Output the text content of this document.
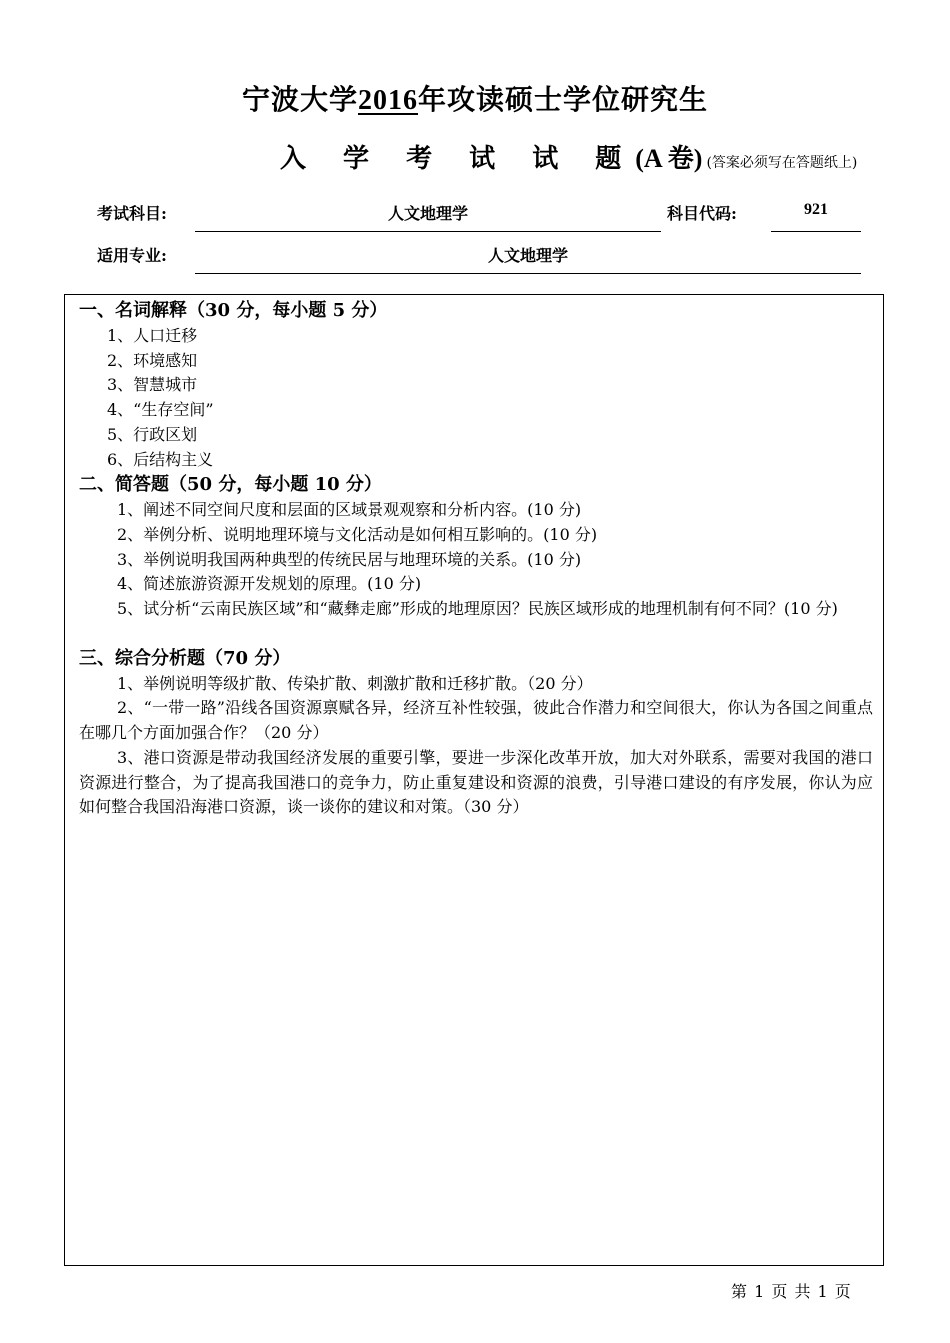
宁波大学2016年攻读硕士学位研究生
入 学 考 试 试 题(A 卷) (答案必须写在答题纸上)
考试科目:	人文地理学	科目代码:	921
适用专业:	人文地理学
一、名词解释（30 分，每小题 5 分）
1、人口迁移
2、环境感知
3、智慧城市
4、“生存空间”
5、行政区划
6、后结构主义
二、简答题（50 分，每小题 10 分）
1、阐述不同空间尺度和层面的区域景观观察和分析内容。(10 分)
2、举例分析、说明地理环境与文化活动是如何相互影响的。(10 分)
3、举例说明我国两种典型的传统民居与地理环境的关系。(10 分)
4、简述旅游资源开发规划的原理。(10 分)
5、试分析“云南民族区域”和“藏彝走廊”形成的地理原因？民族区域形成的地理机制有何不同？(10 分)
三、综合分析题（70 分）
1、举例说明等级扩散、传染扩散、刺激扩散和迁移扩散。（20 分）
2、“一带一路”沿线各国资源禀赋各异，经济互补性较强，彼此合作潜力和空间很大，你认为各国之间重点在哪几个方面加强合作？（20 分）
3、港口资源是带动我国经济发展的重要引擎，要进一步深化改革开放，加大对外联系，需要对我国的港口资源进行整合，为了提高我国港口的竞争力，防止重复建设和资源的浪费，引导港口建设的有序发展，你认为应如何整合我国沿海港口资源，谈一谈你的建议和对策。（30 分）
第 1 页 共 1 页
